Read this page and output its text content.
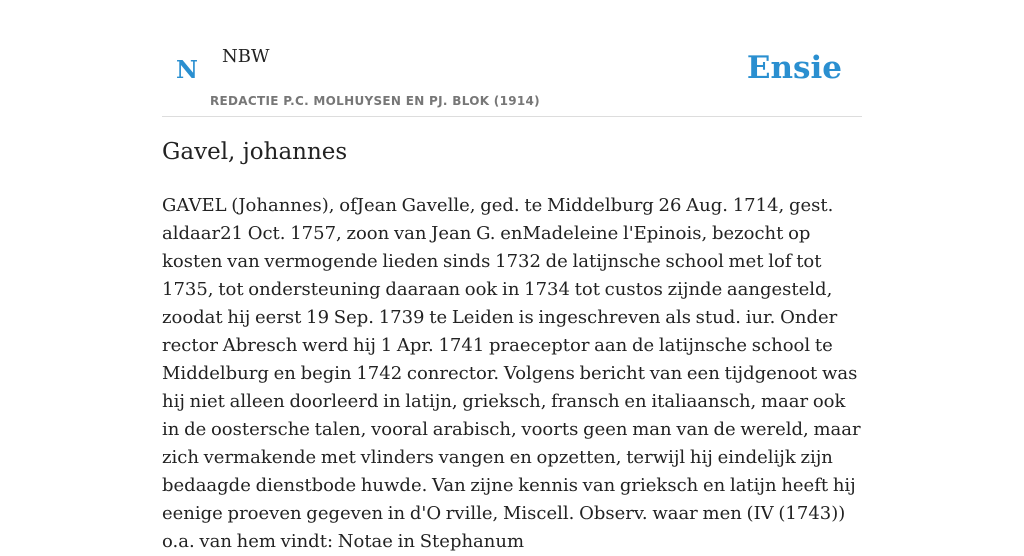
N NBW
REDACTIE P.C. MOLHUYSEN EN PJ. BLOK (1914)
Ensie
Gavel, johannes

GAVEL (Johannes), ofJean Gavelle, ged. te Middelburg 26 Aug. 1714, gest. aldaar21 Oct. 1757, zoon van Jean G. enMadeleine l'Epinois, bezocht op kosten van vermogende lieden sinds 1732 de latijnsche school met lof tot 1735, tot ondersteuning daaraan ook in 1734 tot custos zijnde aangesteld, zoodat hij eerst 19 Sep. 1739 te Leiden is ingeschreven als stud. iur. Onder rector Abresch werd hij 1 Apr. 1741 praeceptor aan de latijnsche school te Middelburg en begin 1742 conrector. Volgens bericht van een tijdgenoot was hij niet alleen doorleerd in latijn, grieksch, fransch en italiaansch, maar ook in de oostersche talen, vooral arabisch, voorts geen man van de wereld, maar zich vermakende met vlinders vangen en opzetten, terwijl hij eindelijk zijn bedaagde dienstbode huwde. Van zijne kennis van grieksch en latijn heeft hij eenige proeven gegeven in d'O rville, Miscell. Observ. waar men (IV (1743)) o.a. van hem vindt: Notae in Stephanum
